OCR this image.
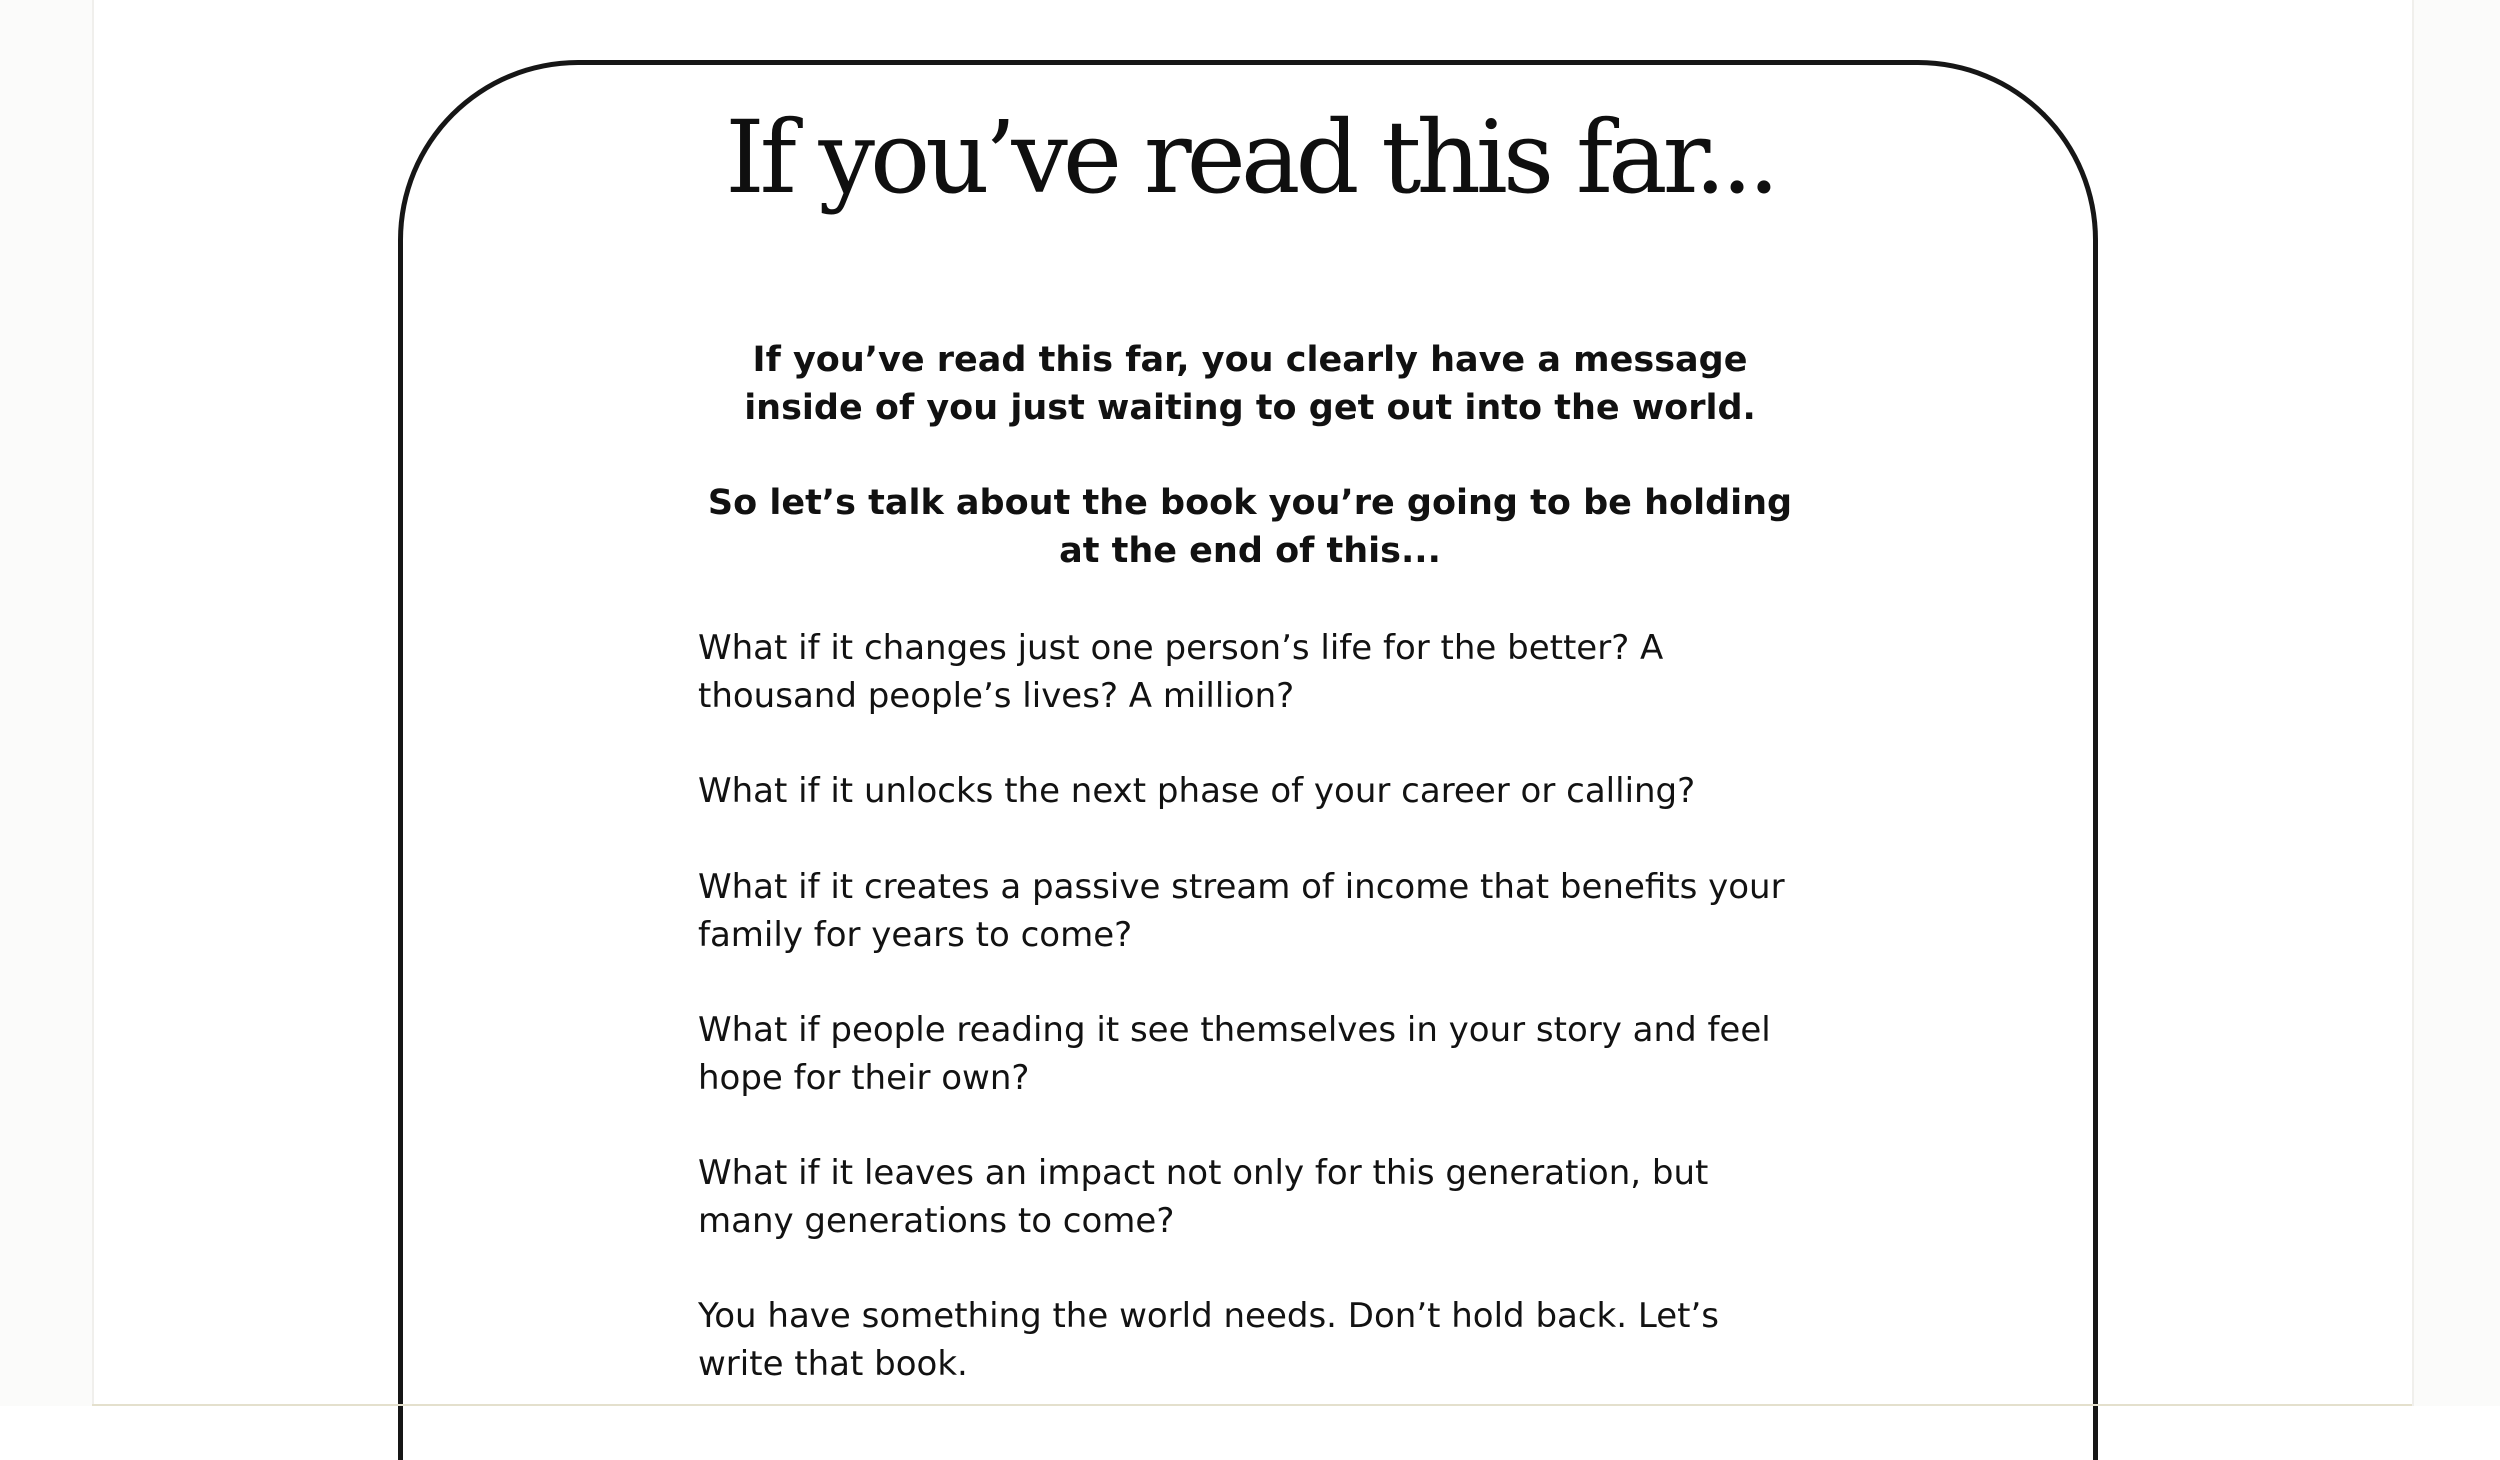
If you’ve read this far...

If you’ve read this far, you clearly have a message inside of you just waiting to get out into the world.

So let’s talk about the book you’re going to be holding at the end of this...

What if it changes just one person’s life for the better? A thousand people’s lives? A million?

What if it unlocks the next phase of your career or calling?

What if it creates a passive stream of income that benefits your family for years to come?

What if people reading it see themselves in your story and feel hope for their own?

What if it leaves an impact not only for this generation, but many generations to come?

You have something the world needs. Don’t hold back. Let’s write that book.
